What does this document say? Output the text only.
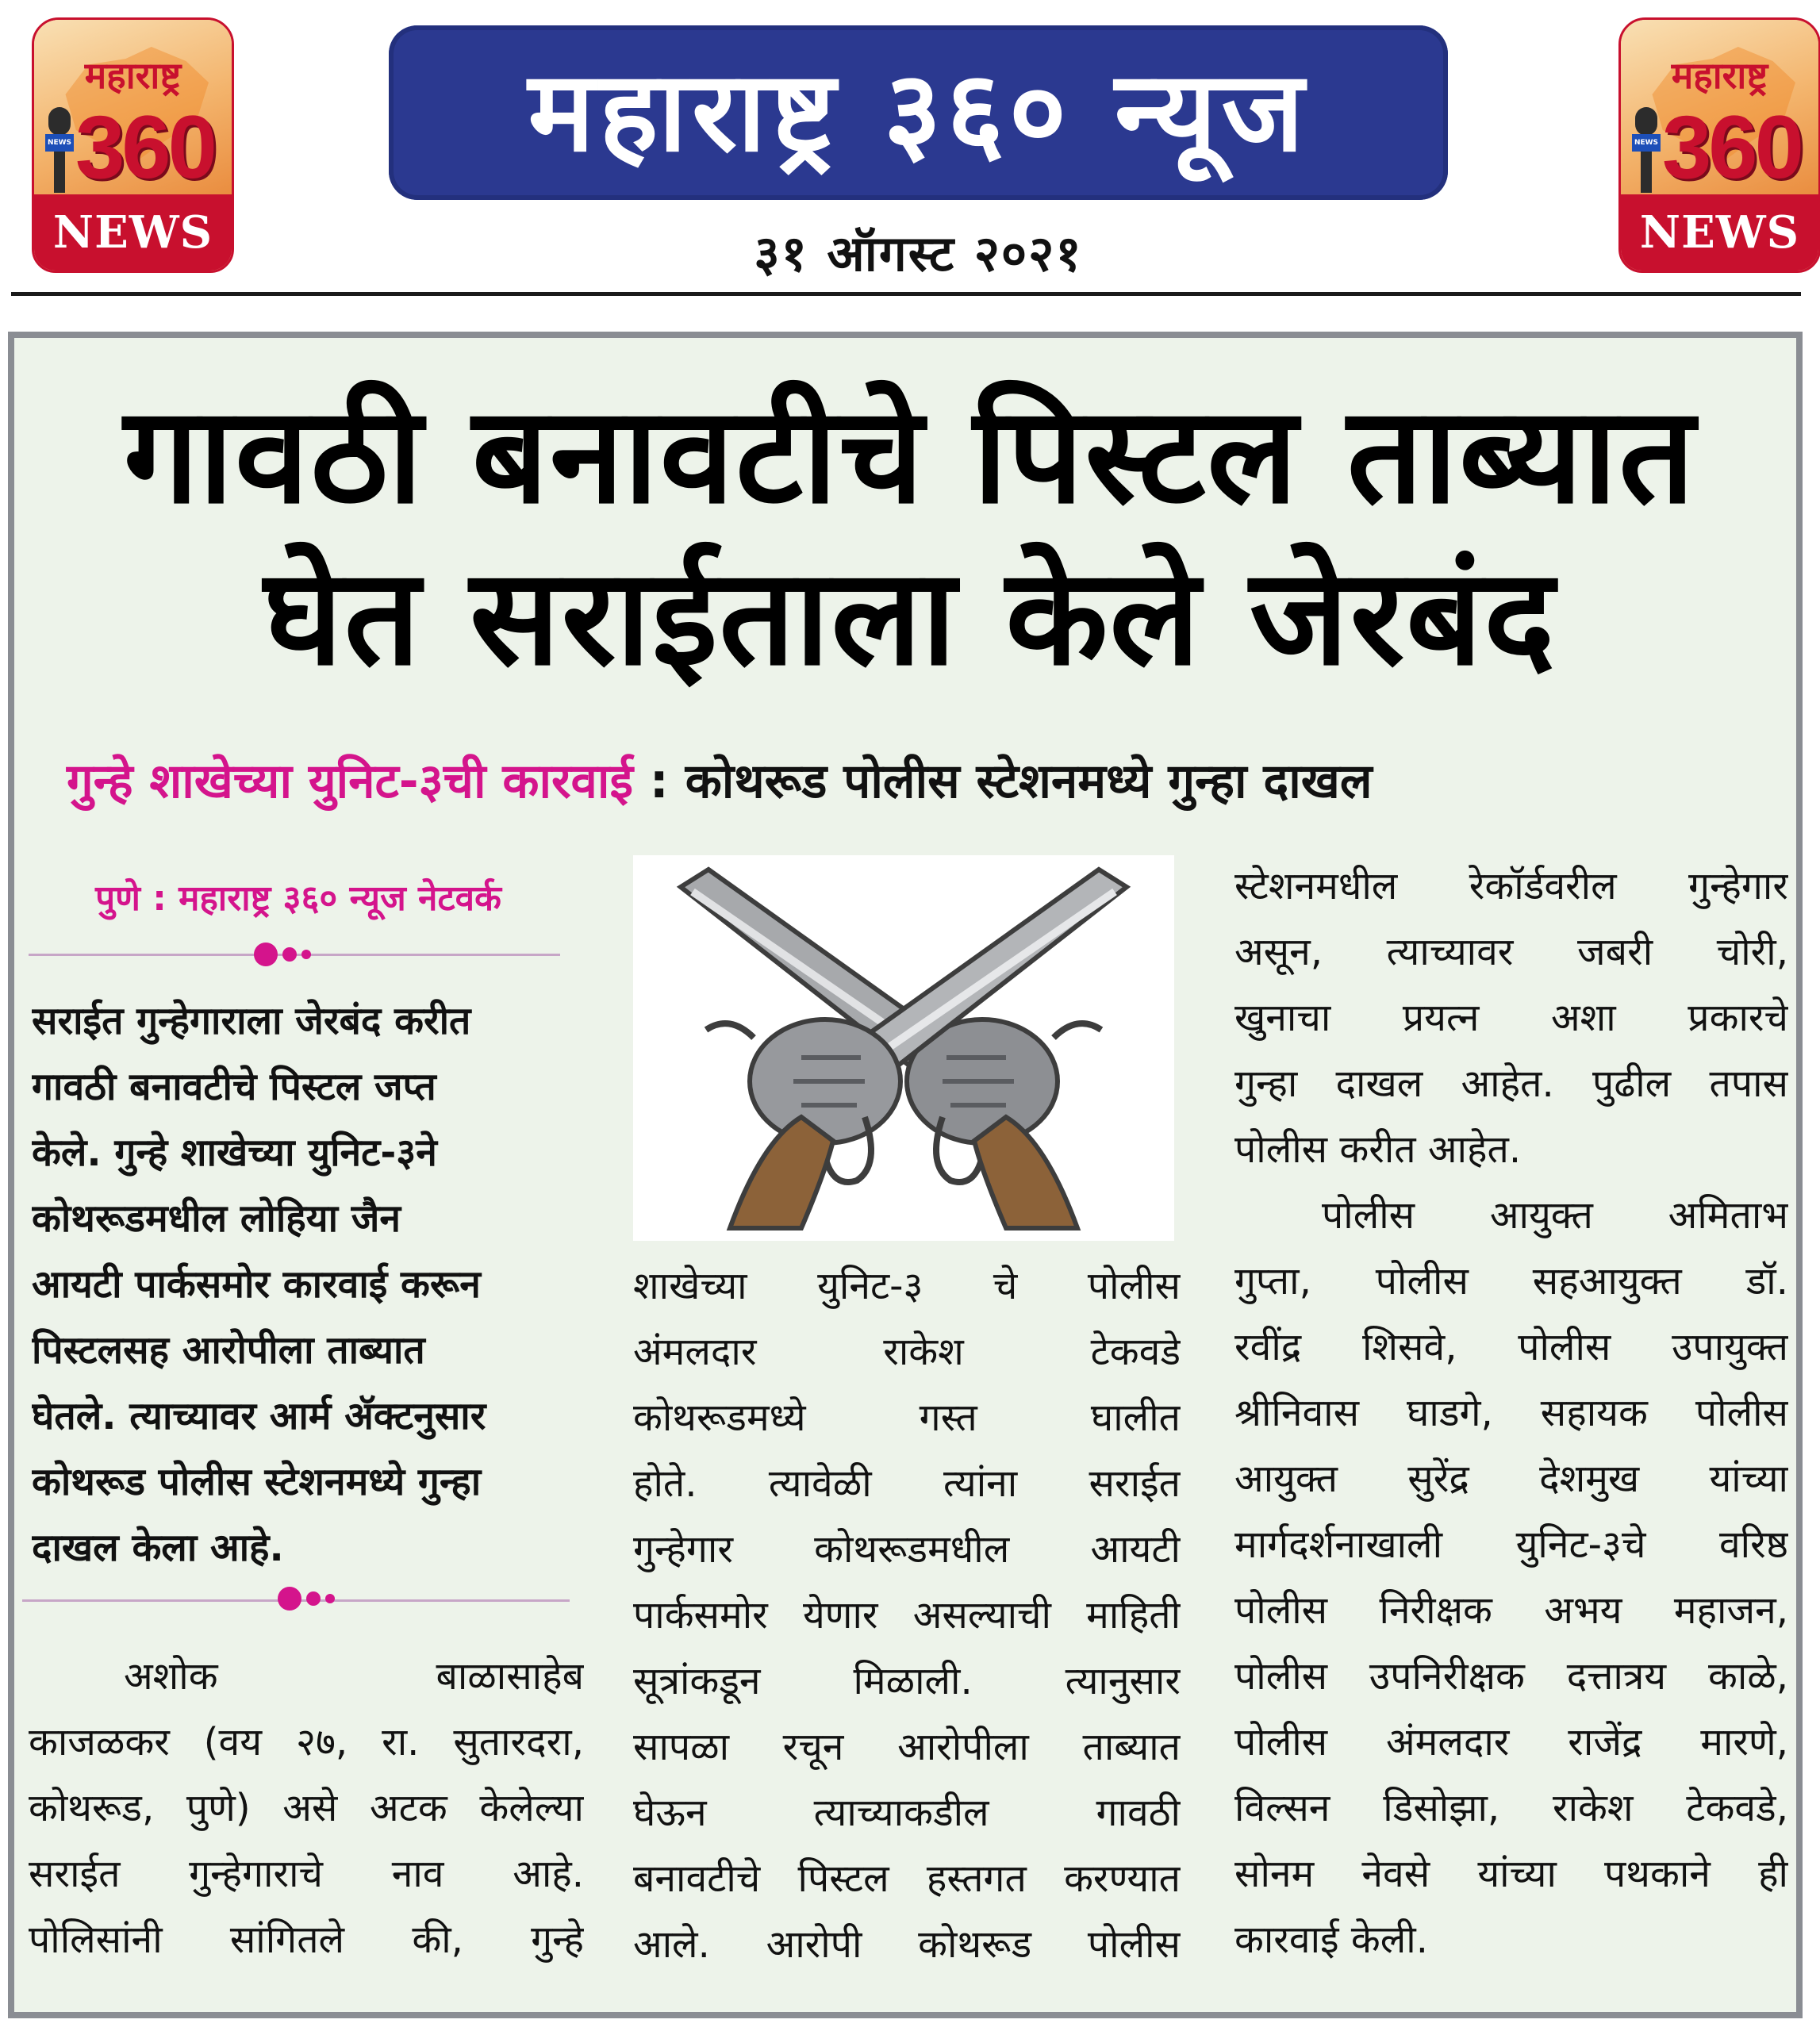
महाराष्ट्र
NEWS 360
NEWS
महाराष्ट्र ३६० न्यूज
३१ ऑगस्ट २०२१
महाराष्ट्र
NEWS 360
NEWS
गावठी बनावटीचे पिस्टल ताब्यात
घेत सराईताला केले जेरबंद
गुन्हे शाखेच्या युनिट-३ची कारवाई : कोथरूड पोलीस स्टेशनमध्ये गुन्हा दाखल
पुणे : महाराष्ट्र ३६० न्यूज नेटवर्क
सराईत गुन्हेगाराला जेरबंद करीत
गावठी बनावटीचे पिस्टल जप्त
केले. गुन्हे शाखेच्या युनिट-३ने
कोथरूडमधील लोहिया जैन
आयटी पार्कसमोर कारवाई करून
पिस्टलसह आरोपीला ताब्यात
घेतले. त्याच्यावर आर्म ॲक्टनुसार
कोथरूड पोलीस स्टेशनमध्ये गुन्हा
दाखल केला आहे.
अशोक बाळासाहेब
काजळकर (वय २७, रा. सुतारदरा,
कोथरूड, पुणे) असे अटक केलेल्या
सराईत गुन्हेगाराचे नाव आहे.
पोलिसांनी सांगितले की, गुन्हे
शाखेच्या युनिट-३ चे पोलीस
अंमलदार राकेश टेकवडे
कोथरूडमध्ये गस्त घालीत
होते. त्यावेळी त्यांना सराईत
गुन्हेगार कोथरूडमधील आयटी
पार्कसमोर येणार असल्याची माहिती
सूत्रांकडून मिळाली. त्यानुसार
सापळा रचून आरोपीला ताब्यात
घेऊन त्याच्याकडील गावठी
बनावटीचे पिस्टल हस्तगत करण्यात
आले. आरोपी कोथरूड पोलीस
स्टेशनमधील रेकॉर्डवरील गुन्हेगार
असून, त्याच्यावर जबरी चोरी,
खुनाचा प्रयत्न अशा प्रकारचे
गुन्हा दाखल आहेत. पुढील तपास
पोलीस करीत आहेत.
पोलीस आयुक्त अमिताभ
गुप्ता, पोलीस सहआयुक्त डॉ.
रवींद्र शिसवे, पोलीस उपायुक्त
श्रीनिवास घाडगे, सहायक पोलीस
आयुक्त सुरेंद्र देशमुख यांच्या
मार्गदर्शनाखाली युनिट-३चे वरिष्ठ
पोलीस निरीक्षक अभय महाजन,
पोलीस उपनिरीक्षक दत्तात्रय काळे,
पोलीस अंमलदार राजेंद्र मारणे,
विल्सन डिसोझा, राकेश टेकवडे,
सोनम नेवसे यांच्या पथकाने ही
कारवाई केली.
